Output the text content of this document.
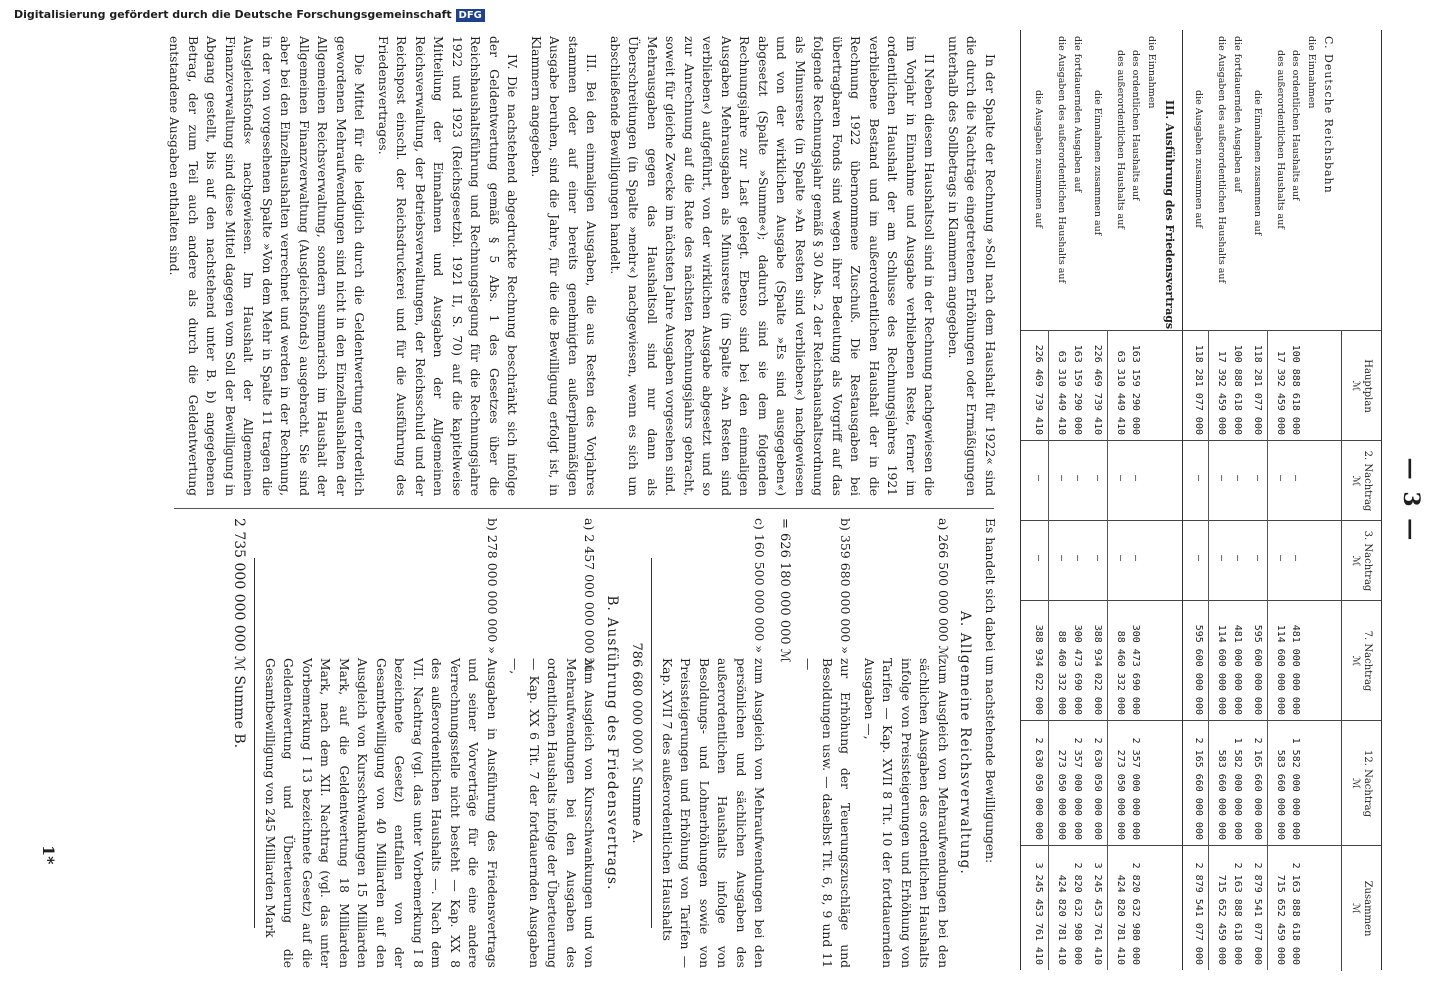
— 3 —
C. Deutsche Reichsbahn
die Einnahmen
des ordentlichen Haushalts auf
des außerordentlichen Haushalts auf
die Einnahmen zusammen auf
die fortdauernden Ausgaben auf
die Ausgaben des außerordentlichen Haushalts auf
die Ausgaben zusammen auf
III. Ausführung des Friedensvertrags
die Einnahmen
des ordentlichen Haushalts auf
des außerordentlichen Haushalts auf
die Einnahmen zusammen auf
die fortdauernden Ausgaben auf
die Ausgaben des außerordentlichen Haushalts auf
die Ausgaben zusammen auf
Hauptplan
ℳ
100 888 618 000
17 392 459 000
118 281 077 000
100 888 618 000
17 392 459 000
118 281 077 000
163 159 290 000
63 310 449 410
226 469 739 410
163 159 290 000
63 310 449 410
226 469 739 410
2. Nachtrag
ℳ
—
—
—
—
—
—
—
—
—
—
—
—
3. Nachtrag
ℳ
—
—
—
—
—
—
—
—
—
—
—
—
7. Nachtrag
ℳ
481 000 000 000
114 600 000 000
595 600 000 000
481 000 000 000
114 600 000 000
595 600 000 000
300 473 690 000
88 460 332 000
388 934 022 000
300 473 690 000
88 460 332 000
388 934 022 000
12. Nachtrag
ℳ
1 582 000 000 000
583 660 000 000
2 165 660 000 000
1 582 000 000 000
583 660 000 000
2 165 660 000 000
2 357 000 000 000
273 050 000 000
2 630 050 000 000
2 357 000 000 000
273 050 000 000
2 630 050 000 000
Zusammen
ℳ
2 163 888 618 000
715 652 459 000
2 879 541 077 000
2 163 888 618 000
715 652 459 000
2 879 541 077 000
2 820 632 980 000
424 820 781 410
3 245 453 761 410
2 820 632 980 000
424 820 781 410
3 245 453 761 410

In der Spalte der Rechnung »Soll nach dem Haushalt für 1922« sind die durch die Nachträge eingetretenen Erhöhungen oder Ermäßigungen unterhalb des Sollbetrags in Klammern angegeben.

II Neben diesem Haushaltsoll sind in der Rechnung nachgewiesen die im Vorjahr in Einnahme und Ausgabe verbliebenen Reste, ferner im ordentlichen Haushalt der am Schlusse des Rechnungsjahres 1921 verbliebene Bestand und im außerordentlichen Haushalt der in die Rechnung 1922 übernommene Zuschuß. Die Restausgaben bei übertragbaren Fonds sind wegen ihrer Bedeutung als Vorgriff auf das folgende Rechnungsjahr gemäß § 30 Abs. 2 der Reichshaushaltsordnung als Minusreste (in Spalte »An Resten sind verblieben«) nachgewiesen und von der wirklichen Ausgabe (Spalte »Es sind ausgegeben«) abgesetzt (Spalte »Summe«); dadurch sind sie dem folgenden Rechnungsjahre zur Last gelegt. Ebenso sind bei den einmaligen Ausgaben Mehrausgaben als Minusreste (in Spalte »An Resten sind verblieben«) aufgeführt, von der wirklichen Ausgabe abgesetzt und so zur Anrechnung auf die Rate des nächsten Rechnungsjahrs gebracht, soweit für gleiche Zwecke im nächsten Jahre Ausgaben vorgesehen sind. Mehrausgaben gegen das Haushaltsoll sind nur dann als Überschreitungen (in Spalte »mehr«) nachgewiesen, wenn es sich um abschließende Bewilligungen handelt.

III. Bei den einmaligen Ausgaben, die aus Resten des Vorjahres stammen oder auf einer bereits genehmigten außerplanmäßigen Ausgabe beruhen, sind die Jahre, für die die Bewilligung erfolgt ist, in Klammern angegeben.

IV. Die nachstehend abgedruckte Rechnung beschränkt sich infolge der Geldentwertung gemäß § 5 Abs. 1 des Gesetzes über die Reichshaushaltsführung und Rechnungslegung für die Rechnungsjahre 1922 und 1923 (Reichsgesetzbl. 1921 II, S. 70) auf die kapitelweise Mitteilung der Einnahmen und Ausgaben der Allgemeinen Reichsverwaltung, der Betriebsverwaltungen, der Reichsschuld und der Reichspost einschl. der Reichsdruckerei und für die Ausführung des Friedensvertrages.

Die Mittel für die lediglich durch die Geldentwertung erforderlich gewordenen Mehraufwendungen sind nicht in den Einzelhaushalten der Allgemeinen Reichsverwaltung, sondern summarisch im Haushalt der Allgemeinen Finanzverwaltung (Ausgleichsfonds) ausgebracht. Sie sind aber bei den Einzelhaushalten verrechnet und werden in der Rechnung, in der von vorgesehenen Spalte »Von dem Mehr in Spalte 11 tragen die Ausgleichsfonds« nachgewiesen. Im Haushalt der Allgemeinen Finanzverwaltung sind diese Mittel dagegen vom Soll der Bewilligung in Abgang gestellt, bis auf den nachstehend unter B. b) angegebenen Betrag, der zum Teil auch andere als durch die Geldentwertung entstandene Ausgaben enthalten sind.

Es handelt sich dabei um nachstehende Bewilligungen:

A. Allgemeine Reichsverwaltung.
a) 266 500 000 000 ℳ
zum Ausgleich von Mehraufwendungen bei den sächlichen Ausgaben des ordentlichen Haushalts infolge von Preissteigerungen und Erhöhung von Tarifen — Kap. XVII 8 Tit. 10 der fortdauernden Ausgaben —,
b) 359 680 000 000 »
zur Erhöhung der Teuerungszuschläge und Besoldungen usw. — daselbst Tit. 6, 8, 9 und 11 —
= 626 180 000 000 ℳ
c) 160 500 000 000 »
zum Ausgleich von Mehraufwendungen bei den persönlichen und sächlichen Ausgaben des außerordentlichen Haushalts infolge von Besoldungs- und Lohnerhöhungen sowie von Preissteigerungen und Erhöhung von Tarifen — Kap. XVII 7 des außerordentlichen Haushalts
786 680 000 000 ℳ Summe A.
B. Ausführung des Friedensvertrags.
a) 2 457 000 000 000 ℳ
zum Ausgleich von Kursschwankungen und von Mehraufwendungen bei den Ausgaben des ordentlichen Haushalts infolge der Überteuerung — Kap. XX 6 Tit. 7 der fortdauernden Ausgaben —,
b) 278 000 000 000 »
Ausgaben in Ausführung des Friedensvertrags und seiner Vorverträge für die eine andere Verrechnungsstelle nicht besteht — Kap. XX 8 des außerordentlichen Haushalts —. Nach dem VII. Nachtrag (vgl. das unter Vorbemerkung I 8 bezeichnete Gesetz) entfallen von der Gesamtbewilligung von 40 Milliarden auf den Ausgleich von Kursschwankungen 15 Milliarden Mark, auf die Geldentwertung 18 Milliarden Mark, nach dem XII. Nachtrag (vgl. das unter Vorbemerkung I 13 bezeichnete Gesetz) auf die Geldentwertung und Überteuerung die Gesamtbewilligung von 245 Milliarden Mark
2 735 000 000 000 ℳ Summe B.
1*
Digitalisierung gefördert durch die Deutsche Forschungsgemeinschaft DFG
